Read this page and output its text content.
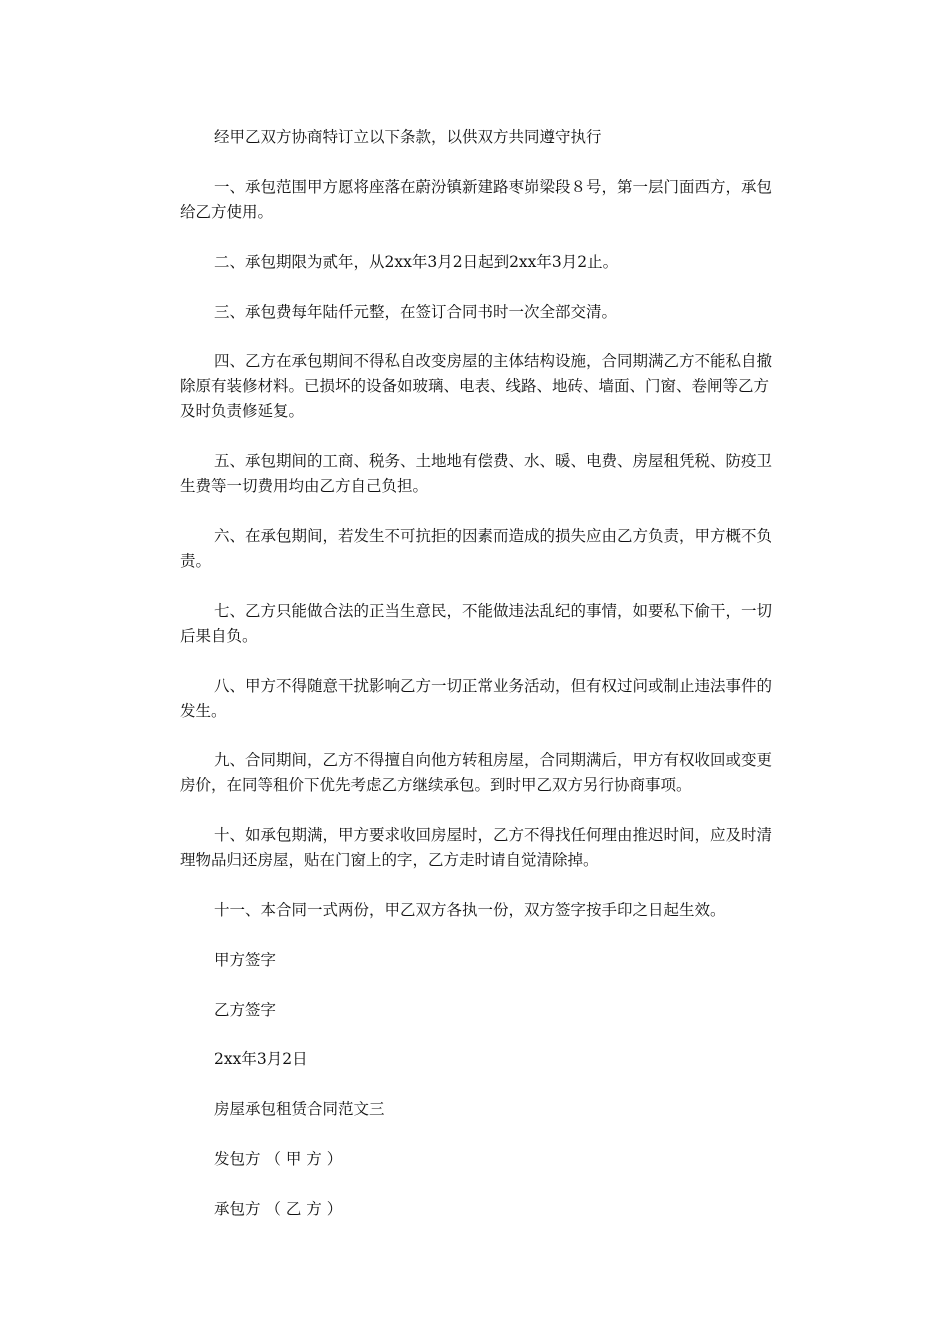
经甲乙双方协商特订立以下条款，以供双方共同遵守执行

一、承包范围甲方愿将座落在蔚汾镇新建路枣峁梁段８号，第一层门面西方，承包给乙方使用。

二、承包期限为贰年，从2xx年3月2日起到2xx年3月2止。

三、承包费每年陆仟元整，在签订合同书时一次全部交清。

四、乙方在承包期间不得私自改变房屋的主体结构设施，合同期满乙方不能私自撤除原有装修材料。已损坏的设备如玻璃、电表、线路、地砖、墙面、门窗、卷闸等乙方及时负责修延复。

五、承包期间的工商、税务、土地地有偿费、水、暖、电费、房屋租凭税、防疫卫生费等一切费用均由乙方自己负担。

六、在承包期间，若发生不可抗拒的因素而造成的损失应由乙方负责，甲方概不负责。

七、乙方只能做合法的正当生意民，不能做违法乱纪的事情，如要私下偷干，一切后果自负。

八、甲方不得随意干扰影响乙方一切正常业务活动，但有权过问或制止违法事件的发生。

九、合同期间，乙方不得擅自向他方转租房屋，合同期满后，甲方有权收回或变更房价，在同等租价下优先考虑乙方继续承包。到时甲乙双方另行协商事项。

十、如承包期满，甲方要求收回房屋时，乙方不得找任何理由推迟时间，应及时清理物品归还房屋，贴在门窗上的字，乙方走时请自觉清除掉。

十一、本合同一式两份，甲乙双方各执一份，双方签字按手印之日起生效。

甲方签字

乙方签字

2xx年3月2日

房屋承包租赁合同范文三

发包方 （ 甲 方 ）

承包方 （ 乙 方 ）
